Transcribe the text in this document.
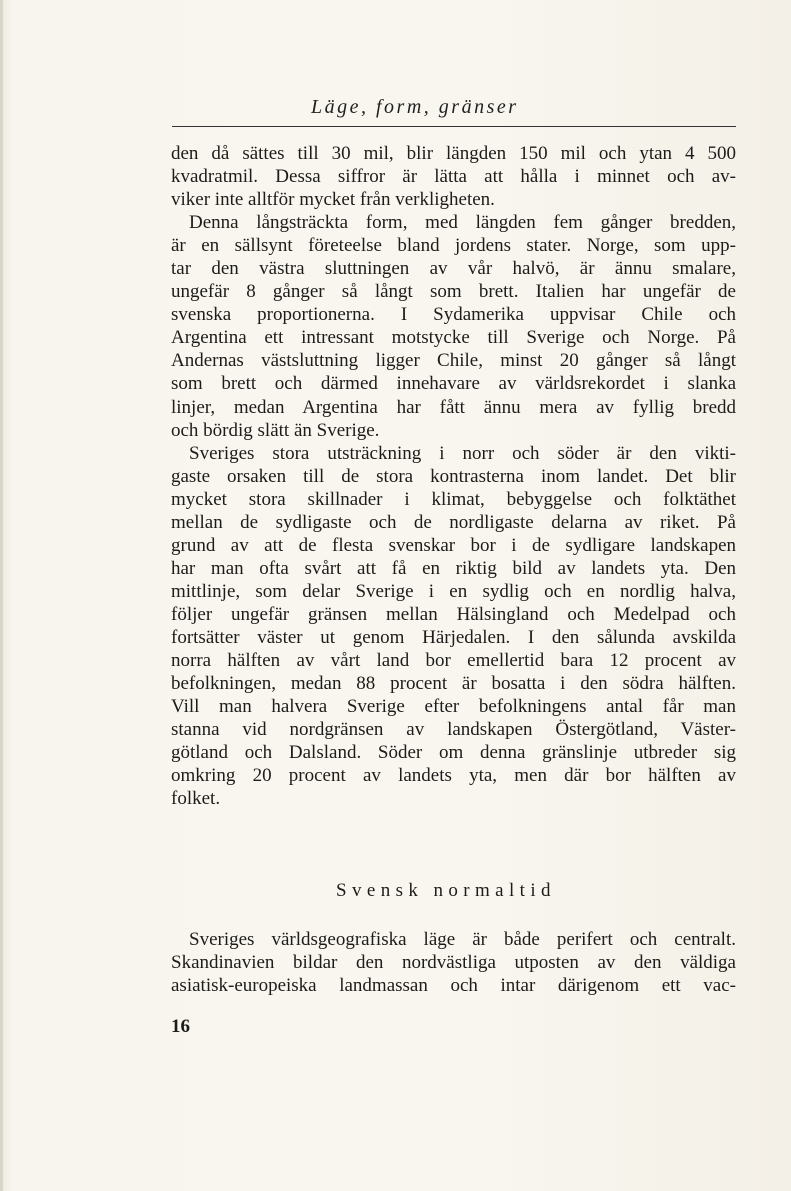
Läge, form, gränser

den då sättes till 30 mil, blir längden 150 mil och ytan 4 500
kvadratmil. Dessa siffror är lätta att hålla i minnet och av-
viker inte alltför mycket från verkligheten.

Denna långsträckta form, med längden fem gånger bredden,
är en sällsynt företeelse bland jordens stater. Norge, som upp-
tar den västra sluttningen av vår halvö, är ännu smalare,
ungefär 8 gånger så långt som brett. Italien har ungefär de
svenska proportionerna. I Sydamerika uppvisar Chile och
Argentina ett intressant motstycke till Sverige och Norge. På
Andernas västsluttning ligger Chile, minst 20 gånger så långt
som brett och därmed innehavare av världsrekordet i slanka
linjer, medan Argentina har fått ännu mera av fyllig bredd
och bördig slätt än Sverige.

Sveriges stora utsträckning i norr och söder är den vikti-
gaste orsaken till de stora kontrasterna inom landet. Det blir
mycket stora skillnader i klimat, bebyggelse och folktäthet
mellan de sydligaste och de nordligaste delarna av riket. På
grund av att de flesta svenskar bor i de sydligare landskapen
har man ofta svårt att få en riktig bild av landets yta. Den
mittlinje, som delar Sverige i en sydlig och en nordlig halva,
följer ungefär gränsen mellan Hälsingland och Medelpad och
fortsätter väster ut genom Härjedalen. I den sålunda avskilda
norra hälften av vårt land bor emellertid bara 12 procent av
befolkningen, medan 88 procent är bosatta i den södra hälften.
Vill man halvera Sverige efter befolkningens antal får man
stanna vid nordgränsen av landskapen Östergötland, Väster-
götland och Dalsland. Söder om denna gränslinje utbreder sig
omkring 20 procent av landets yta, men där bor hälften av
folket.

Svensk normaltid

Sveriges världsgeografiska läge är både perifert och centralt.
Skandinavien bildar den nordvästliga utposten av den väldiga
asiatisk-europeiska landmassan och intar därigenom ett vac-

16
